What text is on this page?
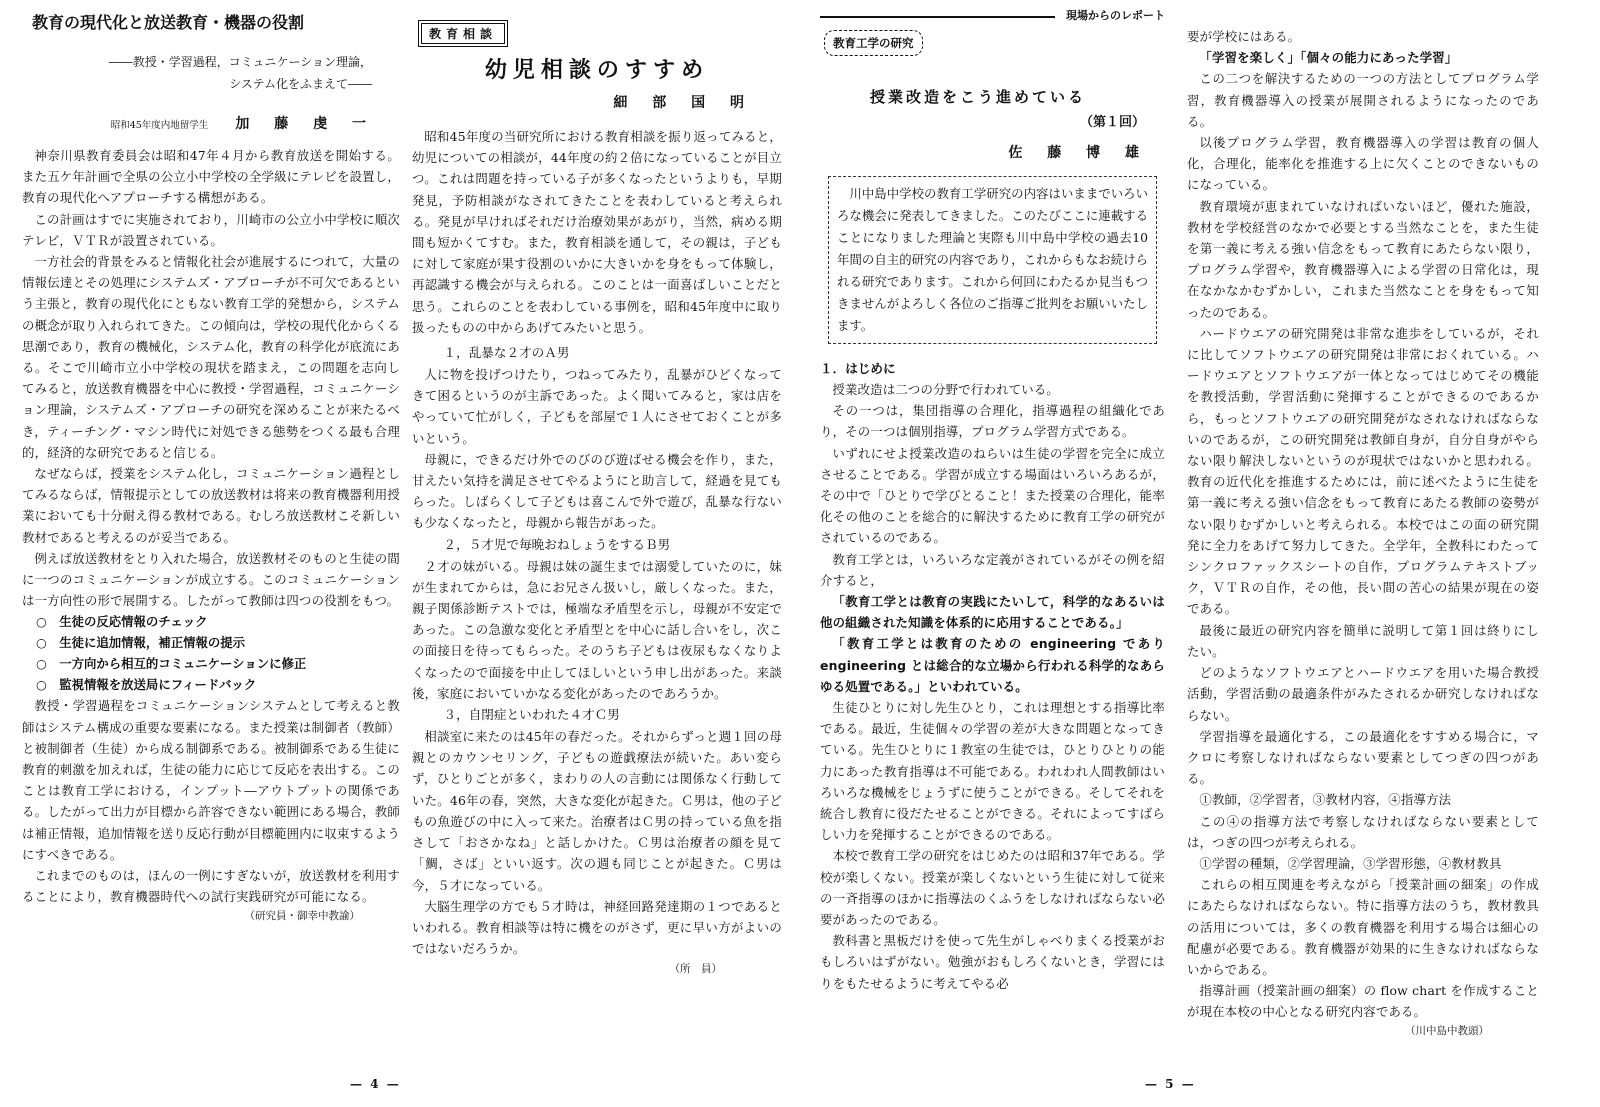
教育の現代化と放送教育・機器の役割

――教授・学習過程，コミュニケーション理論，

システム化をふまえて――

昭和45年度内地留学生 加 藤 虔 一

神奈川県教育委員会は昭和47年４月から教育放送を開始する。また五ケ年計画で全県の公立小中学校の全学級にテレビを設置し，教育の現代化へアプローチする構想がある。

この計画はすでに実施されており，川崎市の公立小中学校に順次テレビ，ＶＴＲが設置されている。

一方社会的背景をみると情報化社会が進展するにつれて，大量の情報伝達とその処理にシステムズ・アプローチが不可欠であるという主張と，教育の現代化にともない教育工学的発想から，システムの概念が取り入れられてきた。この傾向は，学校の現代化からくる思潮であり，教育の機械化，システム化，教育の科学化が底流にある。そこで川崎市立小中学校の現状を踏まえ，この問題を志向してみると，放送教育機器を中心に教授・学習過程，コミュニケーション理論，システムズ・アプローチの研究を深めることが来たるべき，ティーチング・マシン時代に対処できる態勢をつくる最も合理的，経済的な研究であると信じる。

なぜならば，授業をシステム化し，コミュニケーション過程としてみるならば，情報提示としての放送教材は将来の教育機器利用授業においても十分耐え得る教材である。むしろ放送教材こそ新しい教材であると考えるのが妥当である。

例えば放送教材をとり入れた場合，放送教材そのものと生徒の間に一つのコミュニケーションが成立する。このコミュニケーションは一方向性の形で展開する。したがって教師は四つの役割をもつ。

○　生徒の反応情報のチェック

○　生徒に追加情報，補正情報の提示

○　一方向から相互的コミュニケーションに修正

○　監視情報を放送局にフィードバック

教授・学習過程をコミュニケーションシステムとして考えると教師はシステム構成の重要な要素になる。また授業は制御者（教師）と被制御者（生徒）から成る制御系である。被制御系である生徒に教育的刺激を加えれば，生徒の能力に応じて反応を表出する。このことは教育工学における，インプット―アウトプットの関係である。したがって出力が目標から許容できない範囲にある場合，教師は補正情報，追加情報を送り反応行動が目標範囲内に収束するようにすべきである。

これまでのものは，ほんの一例にすぎないが，放送教材を利用することにより，教育機器時代への試行実践研究が可能になる。

（研究員・御幸中教諭）

教育相談

幼児相談のすすめ

細 部 国 明

昭和45年度の当研究所における教育相談を振り返ってみると，幼児についての相談が，44年度の約２倍になっていることが目立つ。これは問題を持っている子が多くなったというよりも，早期発見，予防相談がなされてきたことを表わしていると考えられる。発見が早ければそれだけ治療効果があがり，当然，病める期間も短かくてすむ。また，教育相談を通して，その親は，子どもに対して家庭が果す役割のいかに大きいかを身をもって体験し，再認識する機会が与えられる。このことは一面喜ばしいことだと思う。これらのことを表わしている事例を，昭和45年度中に取り扱ったものの中からあげてみたいと思う。

１，乱暴な２才のＡ男

人に物を投げつけたり，つねってみたり，乱暴がひどくなってきて困るというのが主訴であった。よく聞いてみると，家は店をやっていて忙がしく，子どもを部屋で１人にさせておくことが多いという。

母親に，できるだけ外でのびのび遊ばせる機会を作り，また，甘えたい気持を満足させてやるようにと助言して，経過を見てもらった。しばらくして子どもは喜こんで外で遊び，乱暴な行ないも少なくなったと，母親から報告があった。

２，５才児で毎晩おねしょうをするＢ男

２才の妹がいる。母親は妹の誕生までは溺愛していたのに，妹が生まれてからは，急にお兄さん扱いし，厳しくなった。また，親子関係診断テストでは，極端な矛盾型を示し，母親が不安定であった。この急激な変化と矛盾型とを中心に話し合いをし，次この面接日を待ってもらった。そのうち子どもは夜尿もなくなりよくなったので面接を中止してほしいという申し出があった。来談後，家庭においていかなる変化があったのであろうか。

３，自閉症といわれた４才Ｃ男

相談室に来たのは45年の春だった。それからずっと週１回の母親とのカウンセリング，子どもの遊戯療法が続いた。あい変らず，ひとりごとが多く，まわりの人の言動には関係なく行動していた。46年の春，突然，大きな変化が起きた。Ｃ男は，他の子どもの魚遊びの中に入って来た。治療者はＣ男の持っている魚を指さして「おさかなね」と話しかけた。Ｃ男は治療者の顔を見て「鯛，さば」といい返す。次の週も同じことが起きた。Ｃ男は今，５才になっている。

大脳生理学の方でも５才時は，神経回路発達期の１つであるといわれる。教育相談等は特に機をのがさず，更に早い方がよいのではないだろうか。

（所　員）

— 4 —
現場からのレポート
教育工学の研究

授業改造をこう進めている

（第１回）

佐 藤 博 雄

川中島中学校の教育工学研究の内容はいままでいろいろな機会に発表してきました。このたびここに連載することになりました理論と実際も川中島中学校の過去10年間の自主的研究の内容であり，これからもなお続けられる研究であります。これから何回にわたるか見当もつきませんがよろしく各位のご指導ご批判をお願いいたします。

１．はじめに

授業改造は二つの分野で行われている。

その一つは，集団指導の合理化，指導過程の組織化であり，その一つは個別指導，プログラム学習方式である。

いずれにせよ授業改造のねらいは生徒の学習を完全に成立させることである。学習が成立する場面はいろいろあるが，その中で「ひとりで学びとること！また授業の合理化，能率化その他のことを総合的に解決するために教育工学の研究がされているのである。

教育工学とは，いろいろな定義がされているがその例を紹介すると，

「教育工学とは教育の実践にたいして，科学的なあるいは他の組織された知識を体系的に応用することである。」

「教育工学とは教育のための engineering であり engineering とは総合的な立場から行われる科学的なあらゆる処置である。」といわれている。

生徒ひとりに対し先生ひとり，これは理想とする指導比率である。最近，生徒個々の学習の差が大きな問題となってきている。先生ひとりに１教室の生徒では，ひとりひとりの能力にあった教育指導は不可能である。われわれ人間教師はいろいろな機械をじょうずに使うことができる。そしてそれを統合し教育に役だたせることができる。それによってすばらしい力を発揮することができるのである。

本校で教育工学の研究をはじめたのは昭和37年である。学校が楽しくない。授業が楽しくないという生徒に対して従来の一斉指導のほかに指導法のくふうをしなければならない必要があったのである。

教科書と黒板だけを使って先生がしゃべりまくる授業がおもしろいはずがない。勉強がおもしろくないとき，学習にはりをもたせるように考えてやる必

要が学校にはある。

「学習を楽しく」「個々の能力にあった学習」

この二つを解決するための一つの方法としてプログラム学習，教育機器導入の授業が展開されるようになったのである。

以後プログラム学習，教育機器導入の学習は教育の個人化，合理化，能率化を推進する上に欠くことのできないものになっている。

教育環境が恵まれていなければいないほど，優れた施設，教材を学校経営のなかで必要とする当然なことを，また生徒を第一義に考える強い信念をもって教育にあたらない限り，プログラム学習や，教育機器導入による学習の日常化は，現在なかなかむずかしい，これまた当然なことを身をもって知ったのである。

ハードウエアの研究開発は非常な進歩をしているが，それに比してソフトウエアの研究開発は非常におくれている。ハードウエアとソフトウエアが一体となってはじめてその機能を教授活動，学習活動に発揮することができるのであるから，もっとソフトウエアの研究開発がなされなければならないのであるが，この研究開発は教師自身が，自分自身がやらない限り解決しないというのが現状ではないかと思われる。教育の近代化を推進するためには，前に述べたように生徒を第一義に考える強い信念をもって教育にあたる教師の姿勢がない限りむずかしいと考えられる。本校ではこの面の研究開発に全力をあげて努力してきた。全学年，全教科にわたってシンクロファックスシートの自作，プログラムテキストブック，ＶＴＲの自作，その他，長い間の苦心の結果が現在の姿である。

最後に最近の研究内容を簡単に説明して第１回は終りにしたい。

どのようなソフトウエアとハードウエアを用いた場合教授活動，学習活動の最適条件がみたされるか研究しなければならない。

学習指導を最適化する，この最適化をすすめる場合に，マクロに考察しなければならない要素としてつぎの四つがある。

①教師，②学習者，③教材内容，④指導方法

この④の指導方法で考察しなければならない要素としては，つぎの四つが考えられる。

①学習の種類，②学習理論，③学習形態，④教材教具

これらの相互関連を考えながら「授業計画の細案」の作成にあたらなければならない。特に指導方法のうち，教材教具の活用については，多くの教育機器を利用する場合は細心の配慮が必要である。教育機器が効果的に生きなければならないからである。

指導計画（授業計画の細案）の flow chart を作成することが現在本校の中心となる研究内容である。

（川中島中教頭）

— 5 —
